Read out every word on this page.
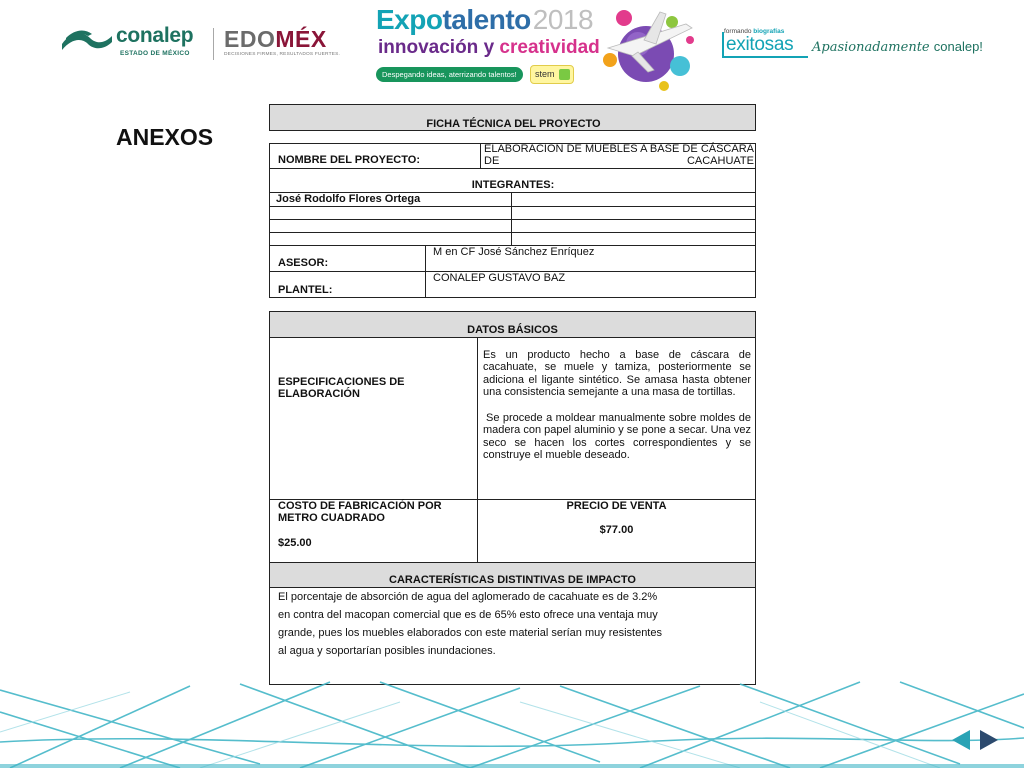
conalep
ESTADO DE MÉXICO
EDOMÉX
DECISIONES FIRMES, RESULTADOS FUERTES.
Expotalento2018
innovación y creatividad
Despegando ideas, aterrizando talentos!	stem
formando biografías
exitosas Apasionadamente conalep!
ANEXOS	FICHA TÉCNICA DEL PROYECTO
NOMBRE DEL PROYECTO:
ELABORACION DE MUEBLES A BASE DE CÁSCARA DE CACAHUATE
INTEGRANTES:
José Rodolfo Flores Ortega
ASESOR:
M en CF José Sánchez Enríquez
PLANTEL:
CONALEP GUSTAVO BAZ
DATOS BÁSICOS
ESPECIFICACIONES DE ELABORACIÓN
Es un producto hecho a base de cáscara de cacahuate, se muele y tamiza, posteriormente se adiciona el ligante sintético. Se amasa hasta obtener una consistencia semejante a una masa de tortillas.
Se procede a moldear manualmente sobre moldes de madera con papel aluminio y se pone a secar. Una vez seco se hacen los cortes correspondientes y se construye el mueble deseado.
COSTO DE FABRICACIÓN POR METRO CUADRADO
$25.00
PRECIO DE VENTA
$77.00
CARACTERÍSTICAS DISTINTIVAS DE IMPACTO
El porcentaje de absorción de agua del aglomerado de cacahuate es de 3.2%
en contra del macopan comercial que es de 65% esto ofrece una ventaja muy
grande, pues los muebles elaborados con este material serían muy resistentes
al agua y soportarían posibles inundaciones.
